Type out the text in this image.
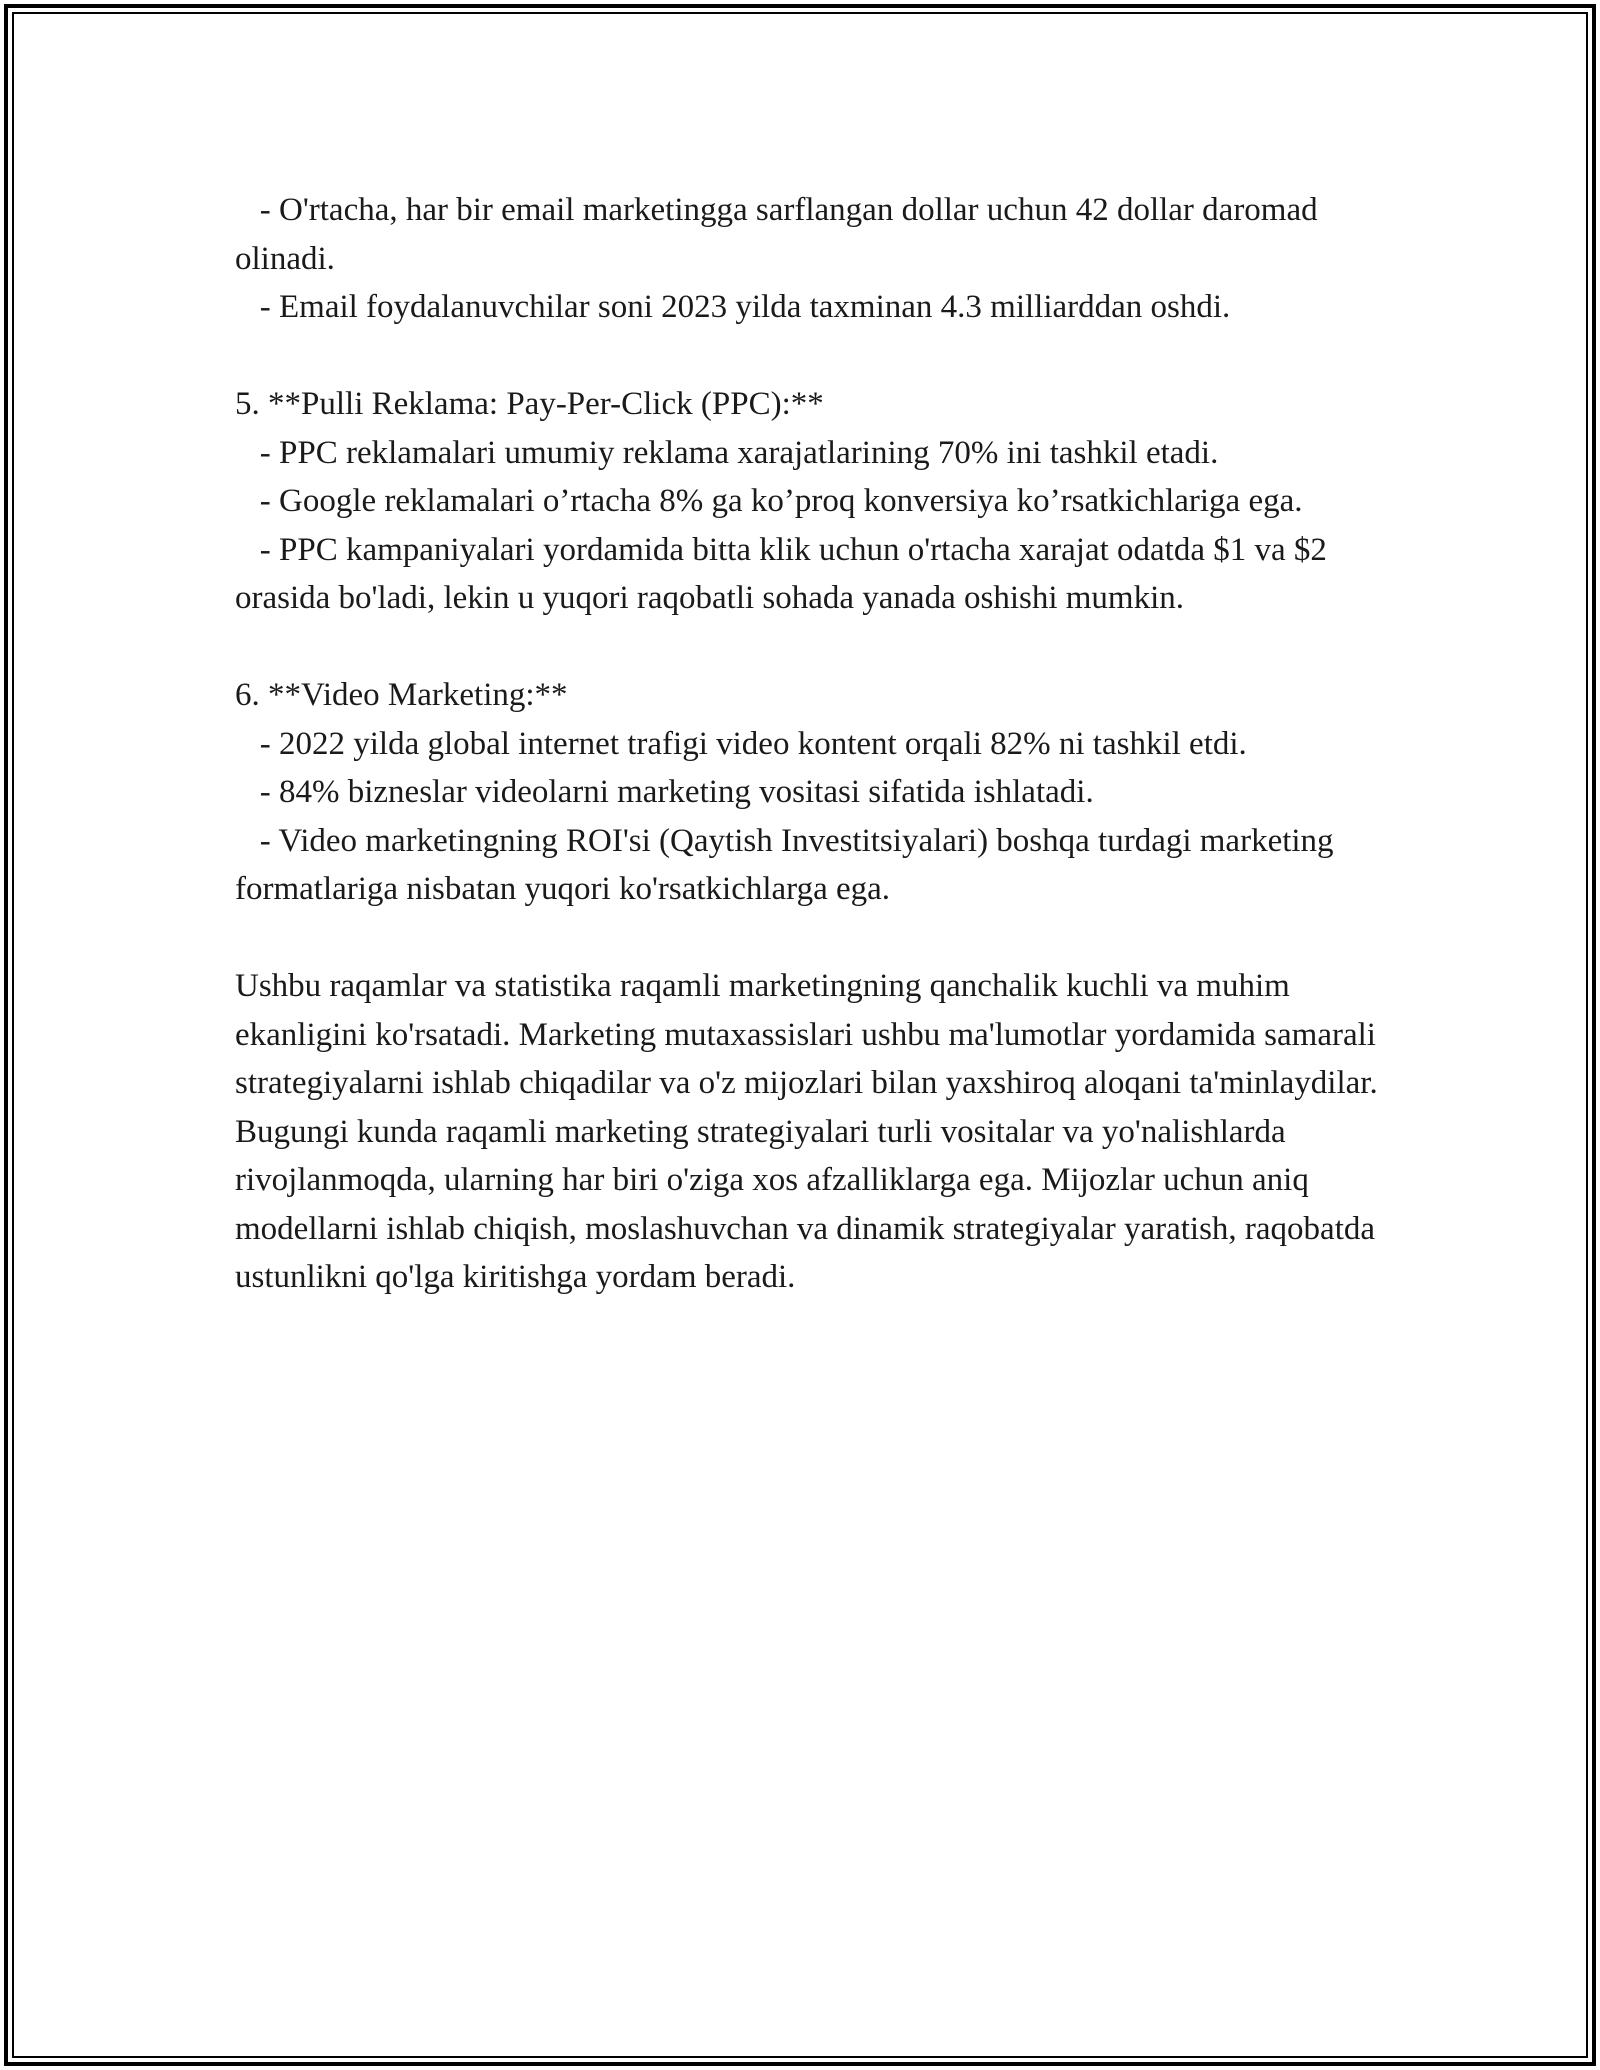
- O'rtacha, har bir email marketingga sarflangan dollar uchun 42 dollar daromad olinadi.

- Email foydalanuvchilar soni 2023 yilda taxminan 4.3 milliarddan oshdi.

5. **Pulli Reklama: Pay-Per-Click (PPC):**

- PPC reklamalari umumiy reklama xarajatlarining 70% ini tashkil etadi.

- Google reklamalari o’rtacha 8% ga ko’proq konversiya ko’rsatkichlariga ega.

- PPC kampaniyalari yordamida bitta klik uchun o'rtacha xarajat odatda $1 va $2 orasida bo'ladi, lekin u yuqori raqobatli sohada yanada oshishi mumkin.

6. **Video Marketing:**

- 2022 yilda global internet trafigi video kontent orqali 82% ni tashkil etdi.

- 84% bizneslar videolarni marketing vositasi sifatida ishlatadi.

- Video marketingning ROI'si (Qaytish Investitsiyalari) boshqa turdagi marketing formatlariga nisbatan yuqori ko'rsatkichlarga ega.

Ushbu raqamlar va statistika raqamli marketingning qanchalik kuchli va muhim ekanligini ko'rsatadi. Marketing mutaxassislari ushbu ma'lumotlar yordamida samarali strategiyalarni ishlab chiqadilar va o'z mijozlari bilan yaxshiroq aloqani ta'minlaydilar. Bugungi kunda raqamli marketing strategiyalari turli vositalar va yo'nalishlarda rivojlanmoqda, ularning har biri o'ziga xos afzalliklarga ega. Mijozlar uchun aniq modellarni ishlab chiqish, moslashuvchan va dinamik strategiyalar yaratish, raqobatda ustunlikni qo'lga kiritishga yordam beradi.
